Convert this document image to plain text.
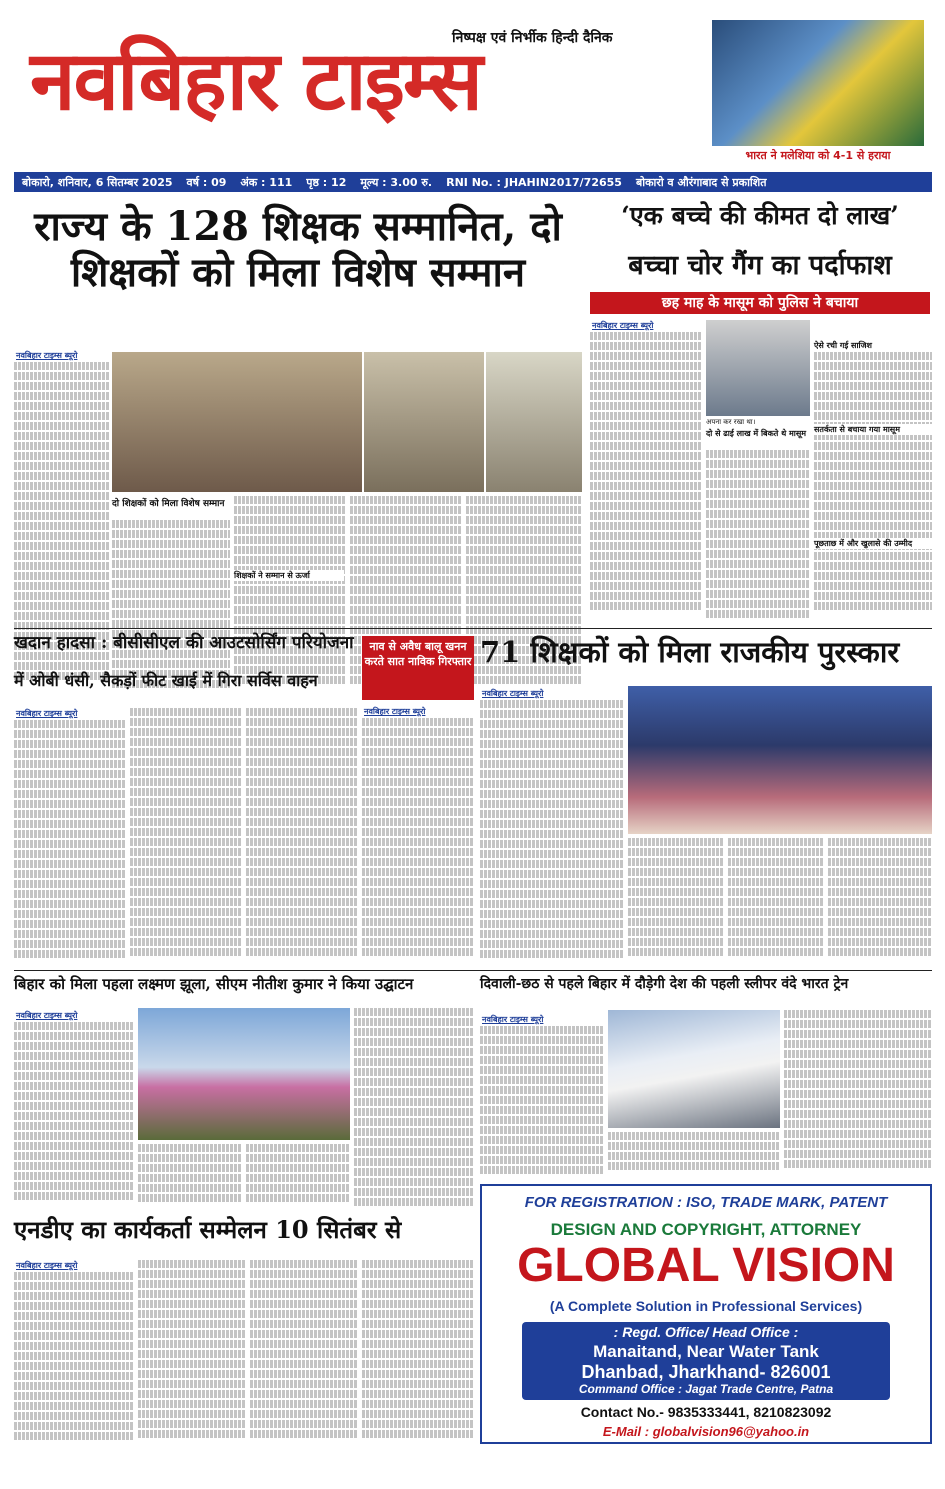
निष्पक्ष एवं निर्भीक हिन्दी दैनिक
नवबिहार टाइम्स
भारत ने मलेशिया को 4-1 से हराया
बोकारो, शनिवार, 6 सितम्बर 2025 वर्ष : 09 अंक : 111 पृष्ठ : 12 मूल्य : 3.00 रु. RNI No. : JHAHIN2017/72655 बोकारो व औरंगाबाद से प्रकाशित
राज्य के 128 शिक्षक सम्मानित, दो शिक्षकों को मिला विशेष सम्मान
नवबिहार टाइम्स ब्यूरो
दो शिक्षकों को मिला विशेष सम्मान
शिक्षकों ने सम्मान से ऊर्जा
‘एक बच्चे की कीमत दो लाख’
बच्चा चोर गैंग का पर्दाफाश
छह माह के मासूम को पुलिस ने बचाया
नवबिहार टाइम्स ब्यूरो
अपना कर रखा था।
दो से ढाई लाख में बिकते थे मासूम
ऐसे रची गई साजिश
सतर्कता से बचाया गया मासूम
पूछताछ में और खुलासे की उम्मीद
खदान हादसा : बीसीसीएल की आउटसोर्सिंग परियोजना
में ओबी धंसी, सैकड़ों फीट खाई में गिरा सर्विस वाहन
नवबिहार टाइम्स ब्यूरो
नाव से अवैध बालू खनन करते सात नाविक गिरफ्तार
नवबिहार टाइम्स ब्यूरो
71 शिक्षकों को मिला राजकीय पुरस्कार
नवबिहार टाइम्स ब्यूरो
बिहार को मिला पहला लक्ष्मण झूला, सीएम नीतीश कुमार ने किया उद्घाटन
नवबिहार टाइम्स ब्यूरो
दिवाली-छठ से पहले बिहार में दौड़ेगी देश की पहली स्लीपर वंदे भारत ट्रेन
नवबिहार टाइम्स ब्यूरो
एनडीए का कार्यकर्ता सम्मेलन 10 सितंबर से
नवबिहार टाइम्स ब्यूरो
FOR REGISTRATION : ISO, TRADE MARK, PATENT
DESIGN AND COPYRIGHT, ATTORNEY
GLOBAL VISION
(A Complete Solution in Professional Services)
: Regd. Office/ Head Office :
Manaitand, Near Water Tank
Dhanbad, Jharkhand- 826001
Command Office : Jagat Trade Centre, Patna
Contact No.- 9835333441, 8210823092
E-Mail : globalvision96@yahoo.in
